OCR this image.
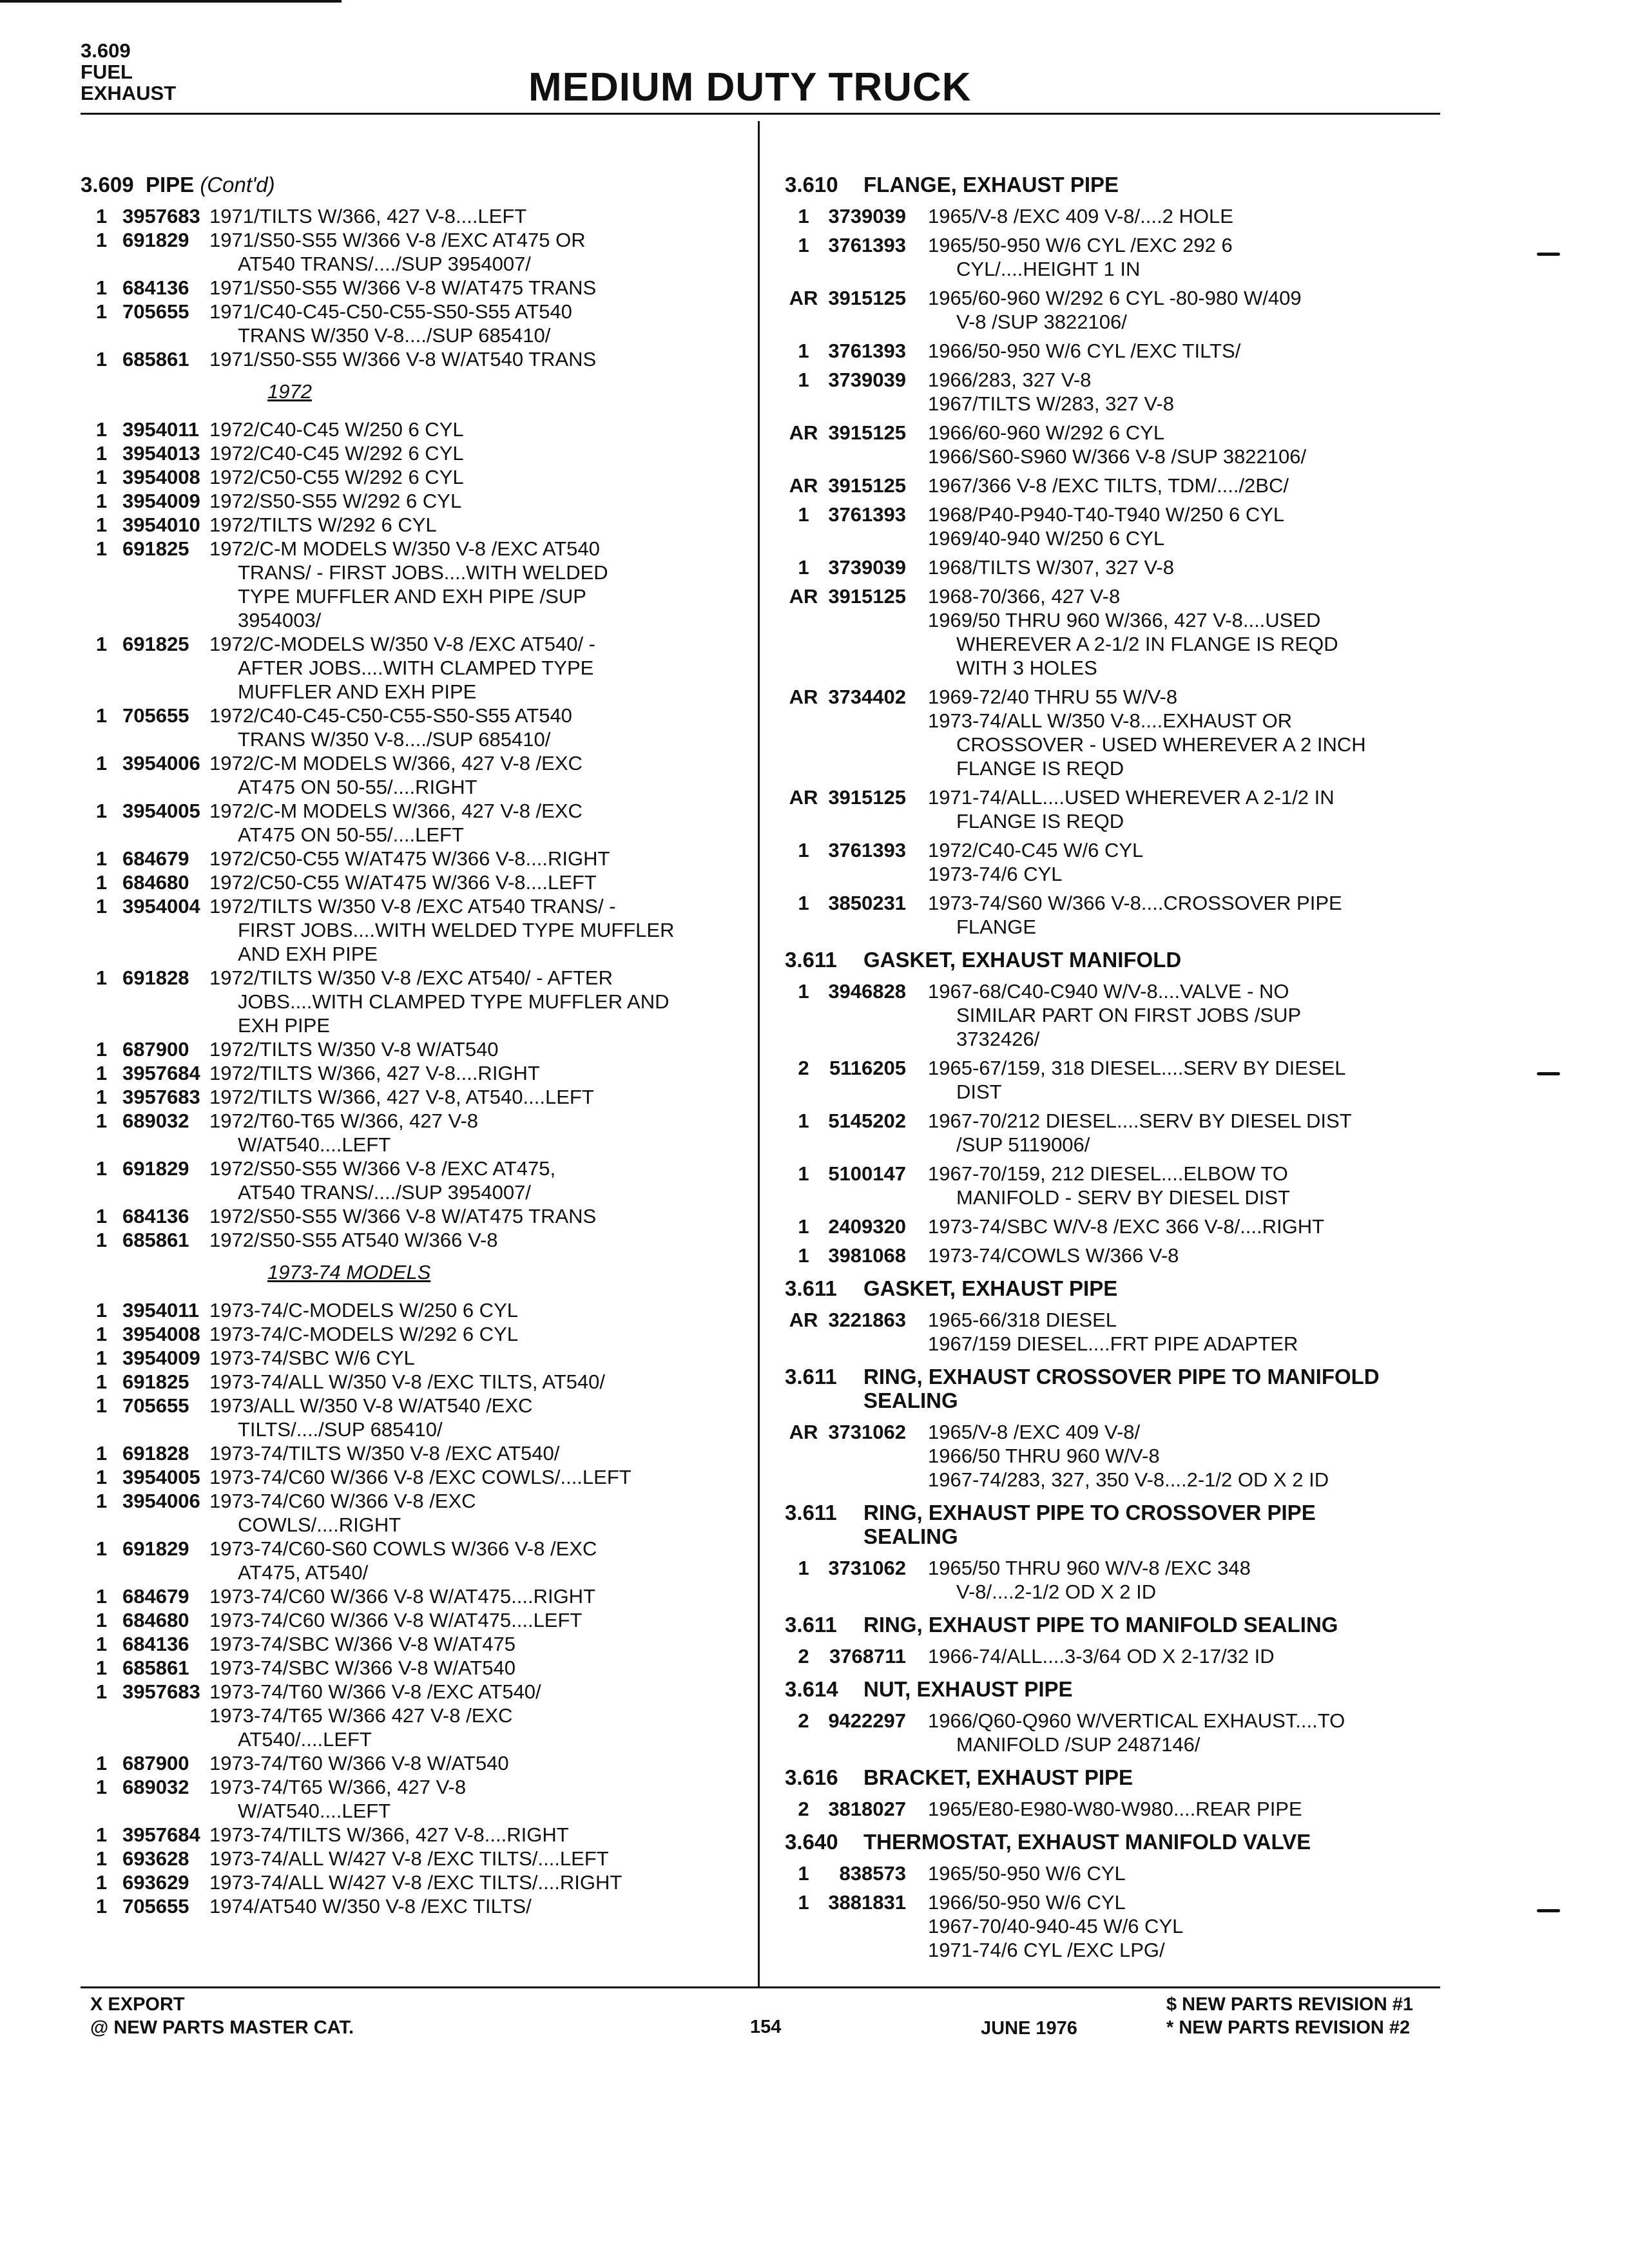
3.609
FUEL
EXHAUST	MEDIUM DUTY TRUCK
3.609 PIPE (Cont'd)
1 3957683 1971/TILTS W/366, 427 V-8....LEFT
1 691829	1971/S50-S55 W/366 V-8 /EXC AT475 OR
AT540 TRANS/..../SUP 3954007/
1 684136	1971/S50-S55 W/366 V-8 W/AT475 TRANS
1 705655	1971/C40-C45-C50-C55-S50-S55 AT540
TRANS W/350 V-8..../SUP 685410/
1 685861	1971/S50-S55 W/366 V-8 W/AT540 TRANS
1972
1 3954011 1972/C40-C45 W/250 6 CYL
1 3954013 1972/C40-C45 W/292 6 CYL
1 3954008 1972/C50-C55 W/292 6 CYL
1 3954009 1972/S50-S55 W/292 6 CYL
1 3954010 1972/TILTS W/292 6 CYL
1 691825	1972/C-M MODELS W/350 V-8 /EXC AT540
TRANS/ - FIRST JOBS....WITH WELDED
TYPE MUFFLER AND EXH PIPE /SUP
3954003/
1 691825	1972/C-MODELS W/350 V-8 /EXC AT540/ -
AFTER JOBS....WITH CLAMPED TYPE
MUFFLER AND EXH PIPE
1 705655	1972/C40-C45-C50-C55-S50-S55 AT540
TRANS W/350 V-8..../SUP 685410/
1 3954006 1972/C-M MODELS W/366, 427 V-8 /EXC
AT475 ON 50-55/....RIGHT
1 3954005 1972/C-M MODELS W/366, 427 V-8 /EXC
AT475 ON 50-55/....LEFT
1 684679	1972/C50-C55 W/AT475 W/366 V-8....RIGHT
1 684680	1972/C50-C55 W/AT475 W/366 V-8....LEFT
1 3954004 1972/TILTS W/350 V-8 /EXC AT540 TRANS/ -
FIRST JOBS....WITH WELDED TYPE MUFFLER
AND EXH PIPE
1 691828	1972/TILTS W/350 V-8 /EXC AT540/ - AFTER
JOBS....WITH CLAMPED TYPE MUFFLER AND
EXH PIPE
1 687900	1972/TILTS W/350 V-8 W/AT540
1 3957684 1972/TILTS W/366, 427 V-8....RIGHT
1 3957683 1972/TILTS W/366, 427 V-8, AT540....LEFT
1 689032	1972/T60-T65 W/366, 427 V-8
W/AT540....LEFT
1 691829	1972/S50-S55 W/366 V-8 /EXC AT475,
AT540 TRANS/..../SUP 3954007/
1 684136	1972/S50-S55 W/366 V-8 W/AT475 TRANS
1 685861	1972/S50-S55 AT540 W/366 V-8
1973-74 MODELS
1 3954011 1973-74/C-MODELS W/250 6 CYL
1 3954008 1973-74/C-MODELS W/292 6 CYL
1 3954009 1973-74/SBC W/6 CYL
1 691825	1973-74/ALL W/350 V-8 /EXC TILTS, AT540/
1 705655	1973/ALL W/350 V-8 W/AT540 /EXC
TILTS/..../SUP 685410/
1 691828	1973-74/TILTS W/350 V-8 /EXC AT540/
1 3954005 1973-74/C60 W/366 V-8 /EXC COWLS/....LEFT
1 3954006 1973-74/C60 W/366 V-8 /EXC
COWLS/....RIGHT
1 691829	1973-74/C60-S60 COWLS W/366 V-8 /EXC
AT475, AT540/
1 684679	1973-74/C60 W/366 V-8 W/AT475....RIGHT
1 684680	1973-74/C60 W/366 V-8 W/AT475....LEFT
1 684136	1973-74/SBC W/366 V-8 W/AT475
1 685861	1973-74/SBC W/366 V-8 W/AT540
1 3957683 1973-74/T60 W/366 V-8 /EXC AT540/
1973-74/T65 W/366 427 V-8 /EXC
AT540/....LEFT
1 687900	1973-74/T60 W/366 V-8 W/AT540
1 689032	1973-74/T65 W/366, 427 V-8
W/AT540....LEFT
1 3957684 1973-74/TILTS W/366, 427 V-8....RIGHT
1 693628	1973-74/ALL W/427 V-8 /EXC TILTS/....LEFT
1 693629	1973-74/ALL W/427 V-8 /EXC TILTS/....RIGHT
1 705655	1974/AT540 W/350 V-8 /EXC TILTS/
3.610	FLANGE, EXHAUST PIPE
1 3739039	1965/V-8 /EXC 409 V-8/....2 HOLE
1 3761393	1965/50-950 W/6 CYL /EXC 292 6
CYL/....HEIGHT 1 IN
AR 3915125	1965/60-960 W/292 6 CYL -80-980 W/409
V-8 /SUP 3822106/
1 3761393	1966/50-950 W/6 CYL /EXC TILTS/
1 3739039	1966/283, 327 V-8
1967/TILTS W/283, 327 V-8
AR 3915125	1966/60-960 W/292 6 CYL
1966/S60-S960 W/366 V-8 /SUP 3822106/
AR 3915125	1967/366 V-8 /EXC TILTS, TDM/..../2BC/
1 3761393	1968/P40-P940-T40-T940 W/250 6 CYL
1969/40-940 W/250 6 CYL
1 3739039	1968/TILTS W/307, 327 V-8
AR 3915125	1968-70/366, 427 V-8
1969/50 THRU 960 W/366, 427 V-8....USED
WHEREVER A 2-1/2 IN FLANGE IS REQD
WITH 3 HOLES
AR 3734402	1969-72/40 THRU 55 W/V-8
1973-74/ALL W/350 V-8....EXHAUST OR
CROSSOVER - USED WHEREVER A 2 INCH
FLANGE IS REQD
AR 3915125	1971-74/ALL....USED WHEREVER A 2-1/2 IN
FLANGE IS REQD
1 3761393	1972/C40-C45 W/6 CYL
1973-74/6 CYL
1 3850231	1973-74/S60 W/366 V-8....CROSSOVER PIPE
FLANGE
3.611	GASKET, EXHAUST MANIFOLD
1 3946828	1967-68/C40-C940 W/V-8....VALVE - NO
SIMILAR PART ON FIRST JOBS /SUP
3732426/
2	5116205	1965-67/159, 318 DIESEL....SERV BY DIESEL
DIST
1 5145202	1967-70/212 DIESEL....SERV BY DIESEL DIST
/SUP 5119006/
1 5100147	1967-70/159, 212 DIESEL....ELBOW TO
MANIFOLD - SERV BY DIESEL DIST
1 2409320	1973-74/SBC W/V-8 /EXC 366 V-8/....RIGHT
1 3981068	1973-74/COWLS W/366 V-8
3.611	GASKET, EXHAUST PIPE
AR 3221863	1965-66/318 DIESEL
1967/159 DIESEL....FRT PIPE ADAPTER
3.611	RING, EXHAUST CROSSOVER PIPE TO MANIFOLD
SEALING
AR 3731062	1965/V-8 /EXC 409 V-8/
1966/50 THRU 960 W/V-8
1967-74/283, 327, 350 V-8....2-1/2 OD X 2 ID
3.611	RING, EXHAUST PIPE TO CROSSOVER PIPE
SEALING
1 3731062	1965/50 THRU 960 W/V-8 /EXC 348
V-8/....2-1/2 OD X 2 ID
3.611	RING, EXHAUST PIPE TO MANIFOLD SEALING
2	3768711	1966-74/ALL....3-3/64 OD X 2-17/32 ID
3.614	NUT, EXHAUST PIPE
2 9422297	1966/Q60-Q960 W/VERTICAL EXHAUST....TO
MANIFOLD /SUP 2487146/
3.616	BRACKET, EXHAUST PIPE
2 3818027	1965/E80-E980-W80-W980....REAR PIPE
3.640	THERMOSTAT, EXHAUST MANIFOLD VALVE
1	838573	1965/50-950 W/6 CYL
1 3881831	1966/50-950 W/6 CYL
1967-70/40-940-45 W/6 CYL
1971-74/6 CYL /EXC LPG/
X EXPORT
@ NEW PARTS MASTER CAT.	154	JUNE 1976
$ NEW PARTS REVISION #1
* NEW PARTS REVISION #2
